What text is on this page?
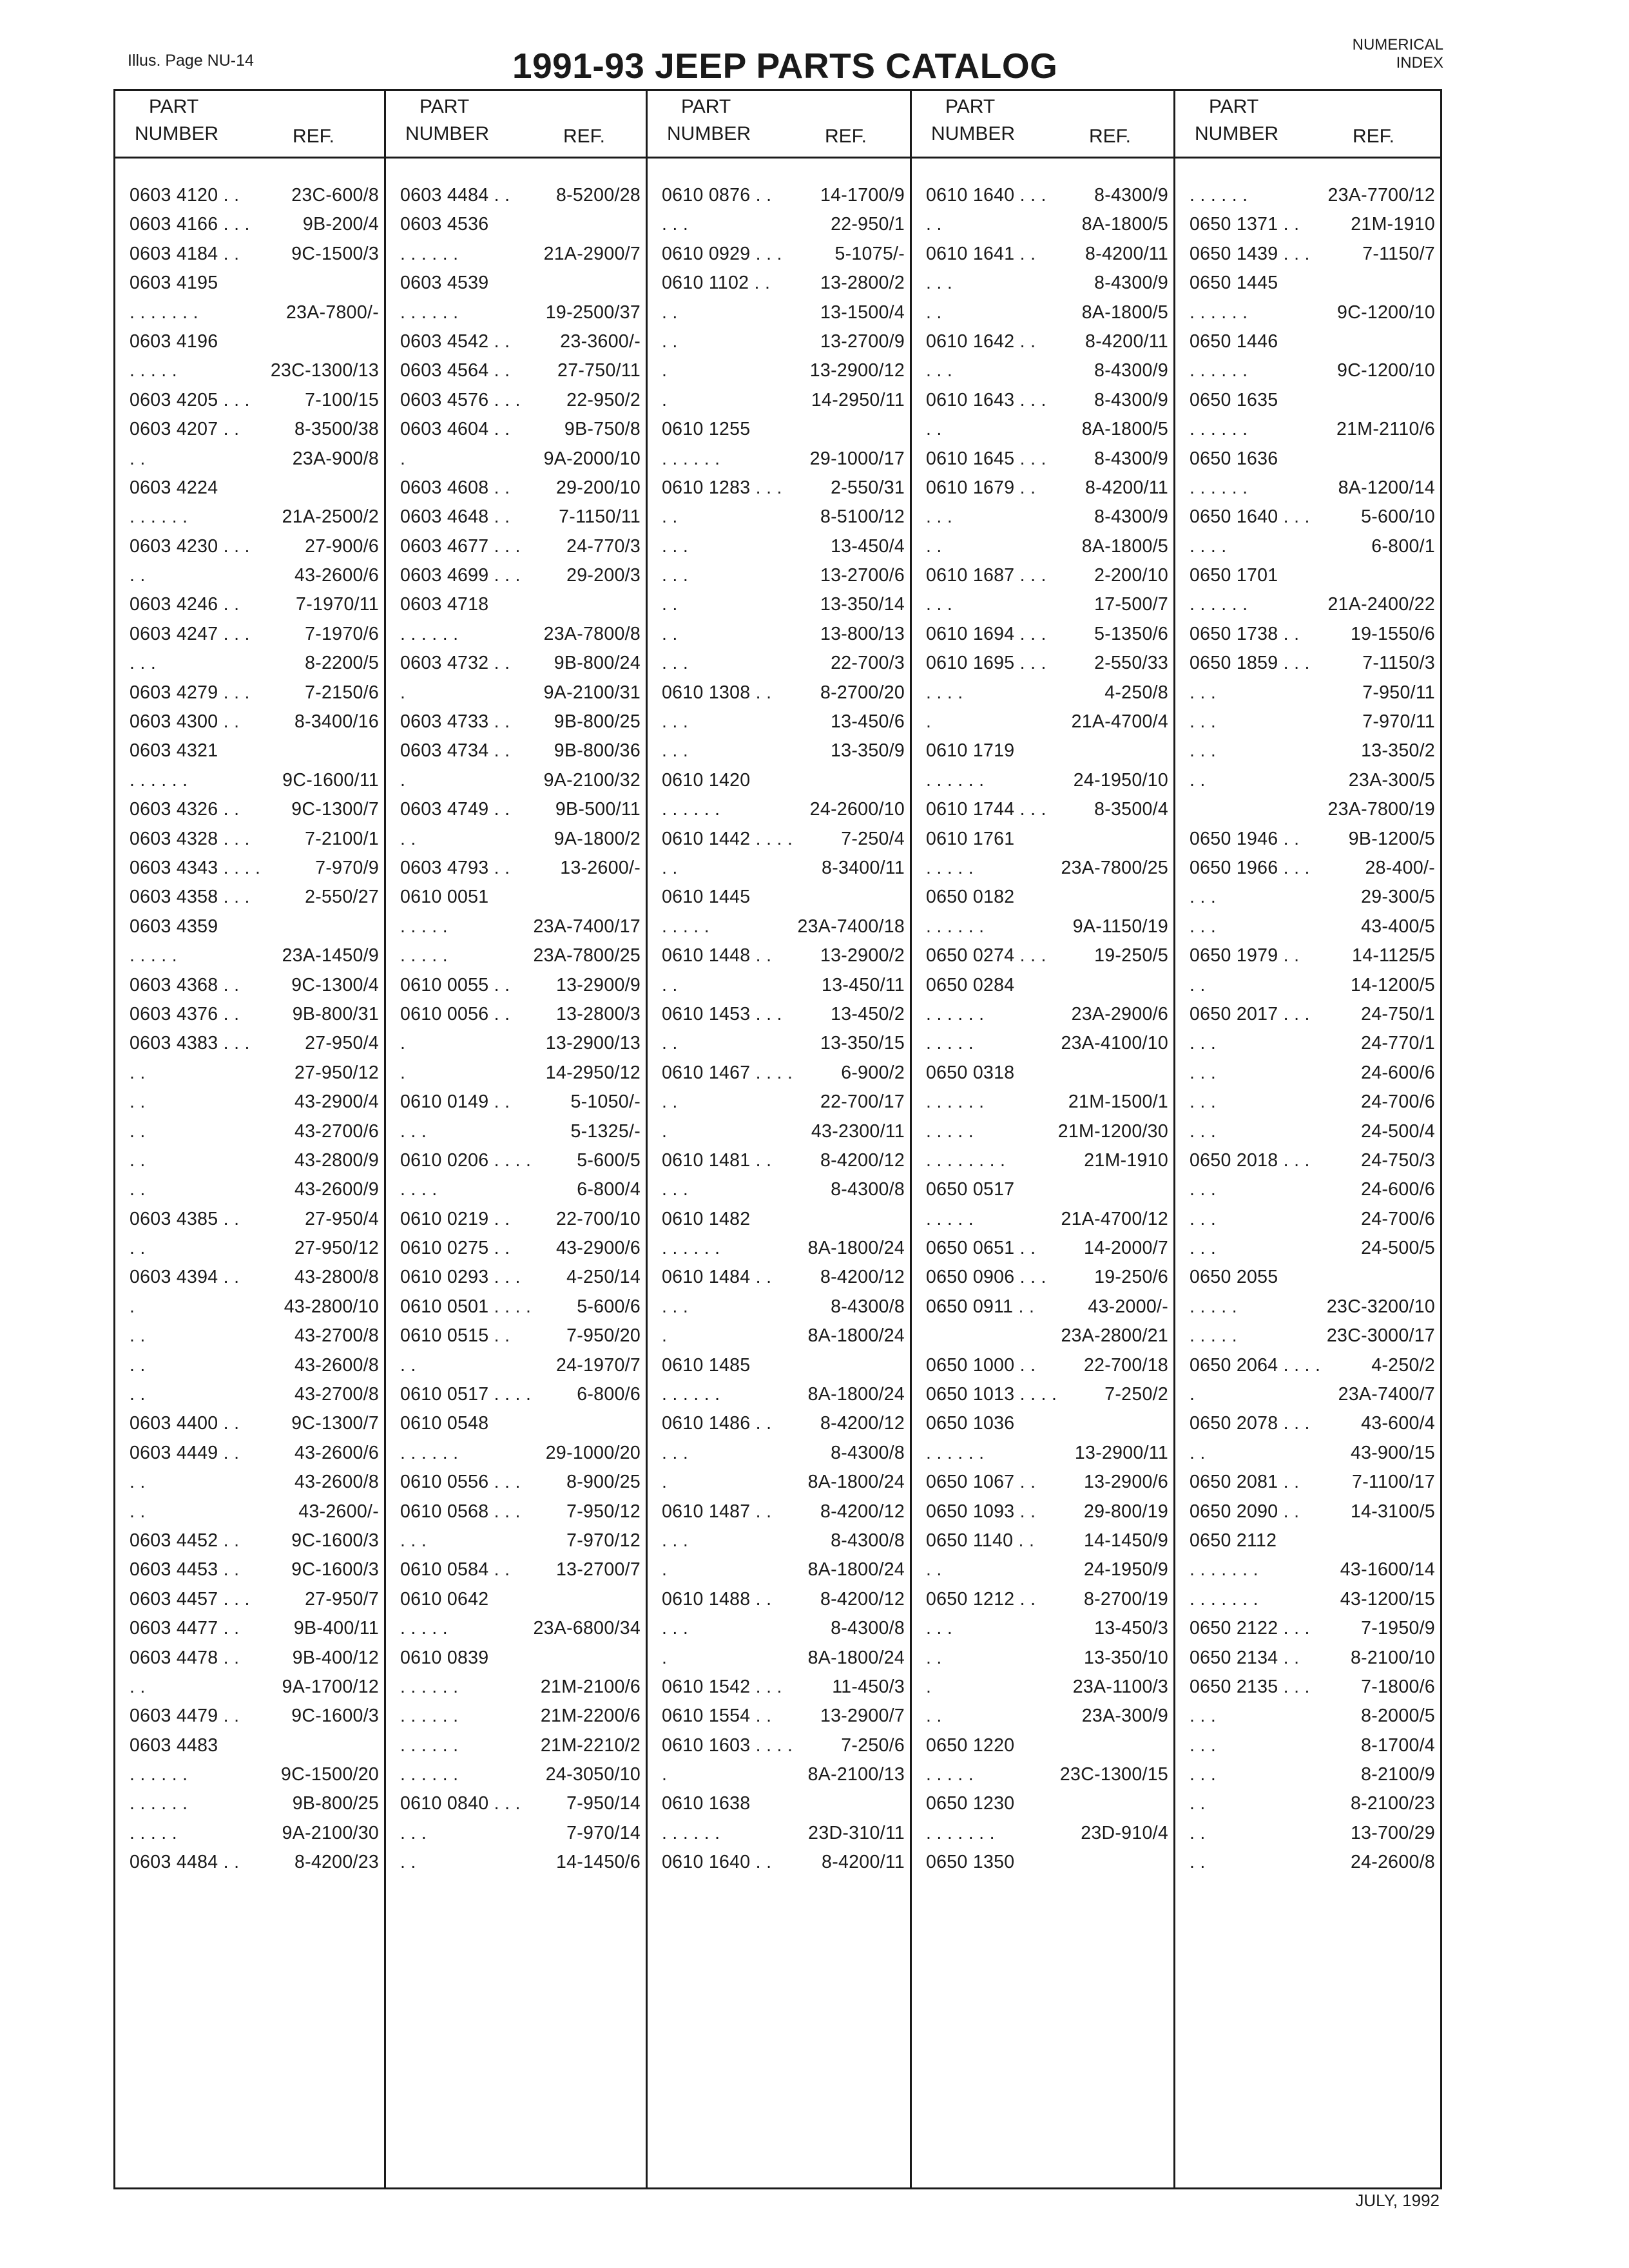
Illus. Page NU-14	1991-93 JEEP PARTS CATALOG
NUMERICAL
INDEX
PART
NUMBER	REF.
0603 4120 . .	23C-600/8
0603 4166 . . .	9B-200/4
0603 4184 . .	9C-1500/3
0603 4195
. . . . . . .	23A-7800/-
0603 4196
. . . . .	23C-1300/13
0603 4205 . . .	7-100/15
0603 4207 . .	8-3500/38
. .	23A-900/8
0603 4224
. . . . . .	21A-2500/2
0603 4230 . . .	27-900/6
. .	43-2600/6
0603 4246 . .	7-1970/11
0603 4247 . . .	7-1970/6
. . .	8-2200/5
0603 4279 . . .	7-2150/6
0603 4300 . .	8-3400/16
0603 4321
. . . . . .	9C-1600/11
0603 4326 . .	9C-1300/7
0603 4328 . . .	7-2100/1
0603 4343 . . . .	7-970/9
0603 4358 . . .	2-550/27
0603 4359
. . . . .	23A-1450/9
0603 4368 . .	9C-1300/4
0603 4376 . .	9B-800/31
0603 4383 . . .	27-950/4
. .	27-950/12
. .	43-2900/4
. .	43-2700/6
. .	43-2800/9
. .	43-2600/9
0603 4385 . .	27-950/4
. .	27-950/12
0603 4394 . .	43-2800/8
.	43-2800/10
. .	43-2700/8
. .	43-2600/8
. .	43-2700/8
0603 4400 . .	9C-1300/7
0603 4449 . .	43-2600/6
. .	43-2600/8
. .	43-2600/-
0603 4452 . .	9C-1600/3
0603 4453 . .	9C-1600/3
0603 4457 . . .	27-950/7
0603 4477 . .	9B-400/11
0603 4478 . .	9B-400/12
. .	9A-1700/12
0603 4479 . .	9C-1600/3
0603 4483
. . . . . .	9C-1500/20
. . . . . .	9B-800/25
. . . . .	9A-2100/30
0603 4484 . .	8-4200/23
PART
NUMBER	REF.
0603 4484 . .	8-5200/28
0603 4536
. . . . . .	21A-2900/7
0603 4539
. . . . . .	19-2500/37
0603 4542 . .	23-3600/-
0603 4564 . .	27-750/11
0603 4576 . . .	22-950/2
0603 4604 . .	9B-750/8
.	9A-2000/10
0603 4608 . .	29-200/10
0603 4648 . .	7-1150/11
0603 4677 . . .	24-770/3
0603 4699 . . .	29-200/3
0603 4718
. . . . . .	23A-7800/8
0603 4732 . . 9B-800/24
.	9A-2100/31
0603 4733 . . 9B-800/25
0603 4734 . . 9B-800/36
.	9A-2100/32
0603 4749 . . 9B-500/11
. .	9A-1800/2
0603 4793 . .	13-2600/-
0610 0051
. . . . .	23A-7400/17
. . . . .	23A-7800/25
0610 0055 . .	13-2900/9
0610 0056 . .	13-2800/3
.	13-2900/13
.	14-2950/12
0610 0149 . .	5-1050/-
. . .	5-1325/-
0610 0206 . . . . 5-600/5
. . . .	6-800/4
0610 0219 . .	22-700/10
0610 0275 . .	43-2900/6
0610 0293 . . .	4-250/14
0610 0501 . . . . 5-600/6
0610 0515 . .	7-950/20
. .	24-1970/7
0610 0517 . . . . 6-800/6
0610 0548
. . . . . .	29-1000/20
0610 0556 . . .	8-900/25
0610 0568 . . .	7-950/12
. . .	7-970/12
0610 0584 . .	13-2700/7
0610 0642
. . . . .	23A-6800/34
0610 0839
. . . . . .	21M-2100/6
. . . . . .	21M-2200/6
. . . . . .	21M-2210/2
. . . . . .	24-3050/10
0610 0840 . . .	7-950/14
. . .	7-970/14
. .	14-1450/6
PART
NUMBER	REF.
0610 0876 . .	14-1700/9
. . .	22-950/1
0610 0929 . . .	5-1075/-
0610 1102 . .	13-2800/2
. .	13-1500/4
. .	13-2700/9
.	13-2900/12
.	14-2950/11
0610 1255
. . . . . .	29-1000/17
0610 1283 . . .	2-550/31
. .	8-5100/12
. . .	13-450/4
. . .	13-2700/6
. .	13-350/14
. .	13-800/13
. . .	22-700/3
0610 1308 . .	8-2700/20
. . .	13-450/6
. . .	13-350/9
0610 1420
. . . . . .	24-2600/10
0610 1442 . . . .	7-250/4
. .	8-3400/11
0610 1445
. . . . .	23A-7400/18
0610 1448 . .	13-2900/2
. .	13-450/11
0610 1453 . . .	13-450/2
. .	13-350/15
0610 1467 . . . .	6-900/2
. .	22-700/17
.	43-2300/11
0610 1481 . .	8-4200/12
. . .	8-4300/8
0610 1482
. . . . . .	8A-1800/24
0610 1484 . .	8-4200/12
. . .	8-4300/8
.	8A-1800/24
0610 1485
. . . . . .	8A-1800/24
0610 1486 . .	8-4200/12
. . .	8-4300/8
.	8A-1800/24
0610 1487 . .	8-4200/12
. . .	8-4300/8
.	8A-1800/24
0610 1488 . .	8-4200/12
. . .	8-4300/8
.	8A-1800/24
0610 1542 . . .	11-450/3
0610 1554 . .	13-2900/7
0610 1603 . . . .	7-250/6
.	8A-2100/13
0610 1638
. . . . . .	23D-310/11
0610 1640 . .	8-4200/11
PART
NUMBER	REF.
0610 1640 . . .	8-4300/9
. .	8A-1800/5
0610 1641 . .	8-4200/11
. . .	8-4300/9
. .	8A-1800/5
0610 1642 . .	8-4200/11
. . .	8-4300/9
0610 1643 . . .	8-4300/9
. .	8A-1800/5
0610 1645 . . .	8-4300/9
0610 1679 . .	8-4200/11
. . .	8-4300/9
. .	8A-1800/5
0610 1687 . . .	2-200/10
. . .	17-500/7
0610 1694 . . .	5-1350/6
0610 1695 . . .	2-550/33
. . . .	4-250/8
.	21A-4700/4
0610 1719
. . . . . .	24-1950/10
0610 1744 . . .	8-3500/4
0610 1761
. . . . .	23A-7800/25
0650 0182
. . . . . .	9A-1150/19
0650 0274 . . .	19-250/5
0650 0284
. . . . . .	23A-2900/6
. . . . .	23A-4100/10
0650 0318
. . . . . .	21M-1500/1
. . . . .	21M-1200/30
. . . . . . . .	21M-1910
0650 0517
. . . . .	21A-4700/12
0650 0651 . .	14-2000/7
0650 0906 . . .	19-250/6
0650 0911 . .	43-2000/-
23A-2800/21
0650 1000 . .	22-700/18
0650 1013 . . . .	7-250/2
0650 1036
. . . . . .	13-2900/11
0650 1067 . .	13-2900/6
0650 1093 . .	29-800/19
0650 1140 . .	14-1450/9
. .	24-1950/9
0650 1212 . .	8-2700/19
. . .	13-450/3
. .	13-350/10
.	23A-1100/3
. .	23A-300/9
0650 1220
. . . . .	23C-1300/15
0650 1230
. . . . . . .	23D-910/4
0650 1350
PART
NUMBER	REF.
. . . . . .	23A-7700/12
0650 1371 . .	21M-1910
0650 1439 . . .	7-1150/7
0650 1445
. . . . . .	9C-1200/10
0650 1446
. . . . . .	9C-1200/10
0650 1635
. . . . . .	21M-2110/6
0650 1636
. . . . . .	8A-1200/14
0650 1640 . . .	5-600/10
. . . .	6-800/1
0650 1701
. . . . . .	21A-2400/22
0650 1738 . .	19-1550/6
0650 1859 . . .	7-1150/3
. . .	7-950/11
. . .	7-970/11
. . .	13-350/2
. .	23A-300/5
23A-7800/19
0650 1946 . .	9B-1200/5
0650 1966 . . .	28-400/-
. . .	29-300/5
. . .	43-400/5
0650 1979 . .	14-1125/5
. .	14-1200/5
0650 2017 . . .	24-750/1
. . .	24-770/1
. . .	24-600/6
. . .	24-700/6
. . .	24-500/4
0650 2018 . . .	24-750/3
. . .	24-600/6
. . .	24-700/6
. . .	24-500/5
0650 2055
. . . . .	23C-3200/10
. . . . .	23C-3000/17
0650 2064 . . . .	4-250/2
.	23A-7400/7
0650 2078 . . .	43-600/4
. .	43-900/15
0650 2081 . .	7-1100/17
0650 2090 . .	14-3100/5
0650 2112
. . . . . . .	43-1600/14
. . . . . . .	43-1200/15
0650 2122 . . .	7-1950/9
0650 2134 . .	8-2100/10
0650 2135 . . .	7-1800/6
. . .	8-2000/5
. . .	8-1700/4
. . .	8-2100/9
. .	8-2100/23
. .	13-700/29
. .	24-2600/8
JULY, 1992
